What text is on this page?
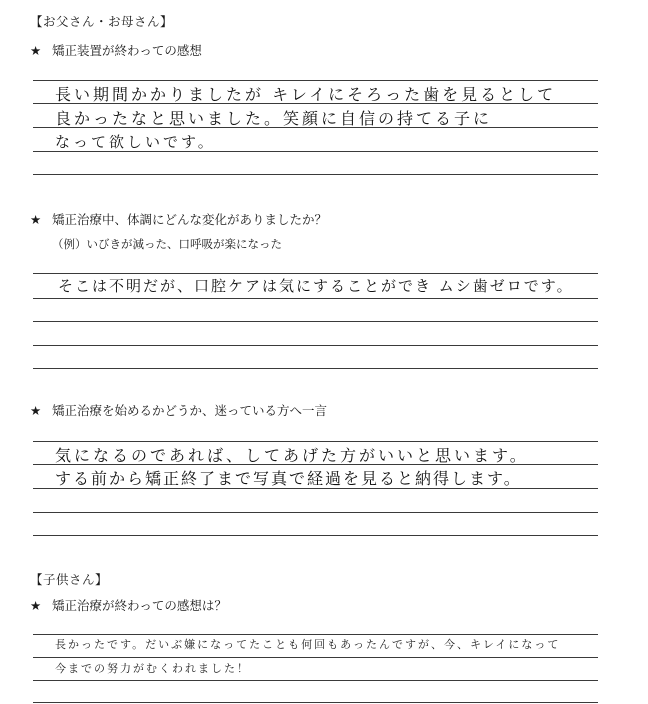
【お父さん・お母さん】
★ 矯正装置が終わっての感想
長い期間かかりましたが キレイにそろった歯を見るとして
良かったなと思いました。笑顔に自信の持てる子に
なって欲しいです。
★ 矯正治療中、体調にどんな変化がありましたか？
（例）いびきが減った、口呼吸が楽になった
そこは不明だが、口腔ケアは気にすることができ ムシ歯ゼロです。
★ 矯正治療を始めるかどうか、迷っている方へ一言
気になるのであれば、してあげた方がいいと思います。
する前から矯正終了まで写真で経過を見ると納得します。
【子供さん】
★ 矯正治療が終わっての感想は？
長かったです。だいぶ嫌になってたことも何回もあったんですが、今、キレイになって
今までの努力がむくわれました！
